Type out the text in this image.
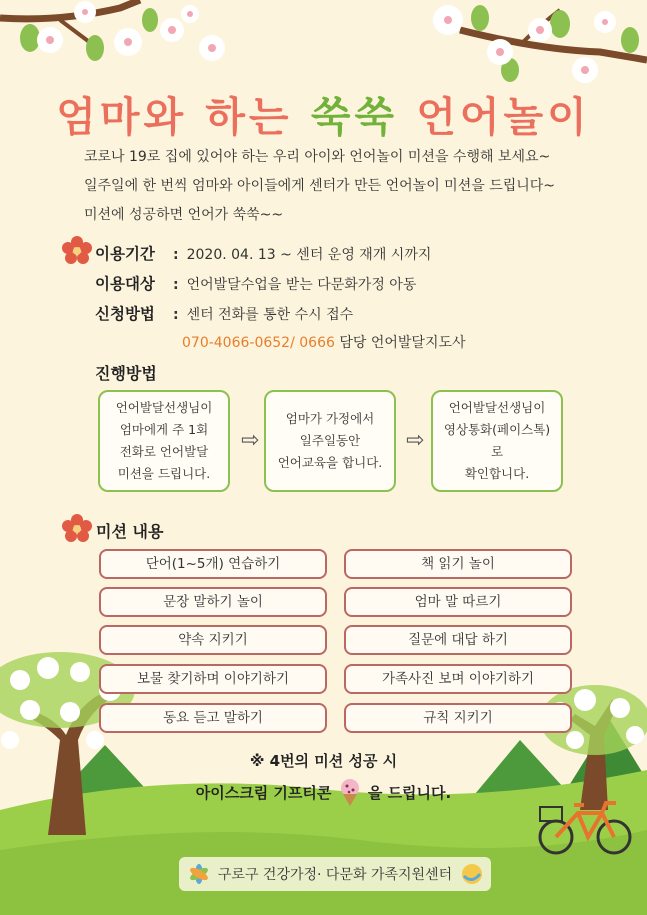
엄마와 하는 쑥쑥 언어놀이
코로나 19로 집에 있어야 하는 우리 아이와 언어놀이 미션을 수행해 보세요~
일주일에 한 번씩 엄마와 아이들에게 센터가 만든 언어놀이 미션을 드립니다~
미션에 성공하면 언어가 쑥쑥~~
이용기간 : 2020. 04. 13 ~ 센터 운영 재개 시까지
이용대상 : 언어발달수업을 받는 다문화가정 아동
신청방법 : 센터 전화를 통한 수시 접수
070-4066-0652/ 0666 담당 언어발달지도사
진행방법
언어발달선생님이
엄마에게 주 1회
전화로 언어발달
미션을 드립니다.
⇨
엄마가 가정에서
일주일동안
언어교육을 합니다.
⇨
언어발달선생님이
영상통화(페이스톡)로
확인합니다.
미션 내용
단어(1~5개) 연습하기
문장 말하기 놀이
약속 지키기
보물 찾기하며 이야기하기
동요 듣고 말하기
책 읽기 놀이
엄마 말 따르기
질문에 대답 하기
가족사진 보며 이야기하기
규칙 지키기
※ 4번의 미션 성공 시
아이스크림 기프티콘 을 드립니다.
구로구 건강가정· 다문화 가족지원센터
